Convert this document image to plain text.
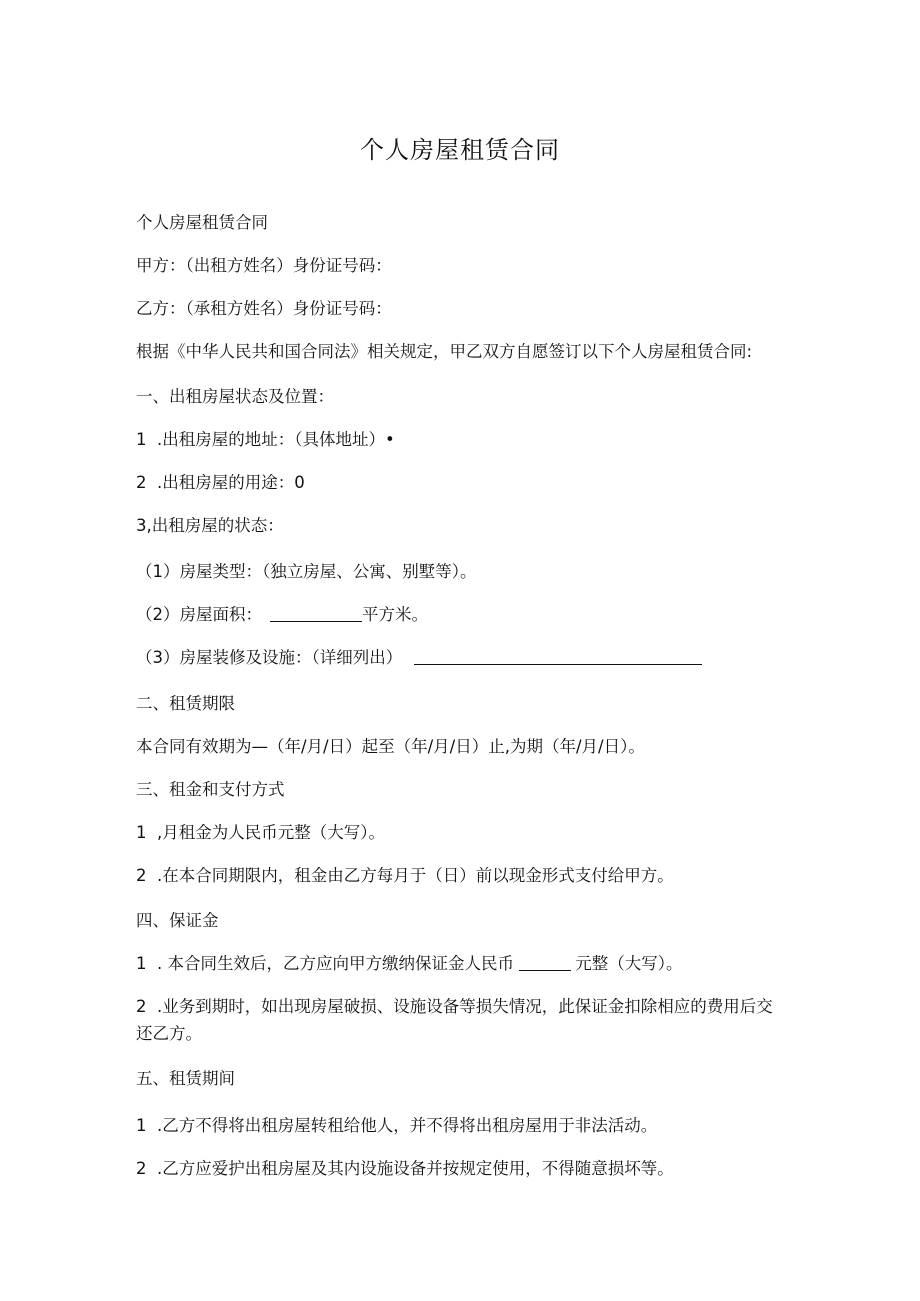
个人房屋租赁合同
个人房屋租赁合同
甲方：（出租方姓名）身份证号码：
乙方：（承租方姓名）身份证号码：
根据《中华人民共和国合同法》相关规定，甲乙双方自愿签订以下个人房屋租赁合同:
一、出租房屋状态及位置：
1  .出租房屋的地址：（具体地址）•
2  .出租房屋的用途：0
3,出租房屋的状态：
（1）房屋类型：（独立房屋、公寓、别墅等）。
（2）房屋面积：	平方米。
（3）房屋装修及设施：（详细列出）
二、租赁期限
本合同有效期为—（年/月/日）起至（年/月/日）止,为期（年/月/日）。
三、租金和支付方式
1  ,月租金为人民币元整（大写）。
2  .在本合同期限内，租金由乙方每月于（日）前以现金形式支付给甲方。
四、保证金
1  . 本合同生效后，乙方应向甲方缴纳保证金人民币	元整（大写）。
2  .业务到期时，如出现房屋破损、设施设备等损失情况，此保证金扣除相应的费用后交还乙方。
五、租赁期间
1  .乙方不得将出租房屋转租给他人，并不得将出租房屋用于非法活动。
2  .乙方应爱护出租房屋及其内设施设备并按规定使用，不得随意损坏等。
